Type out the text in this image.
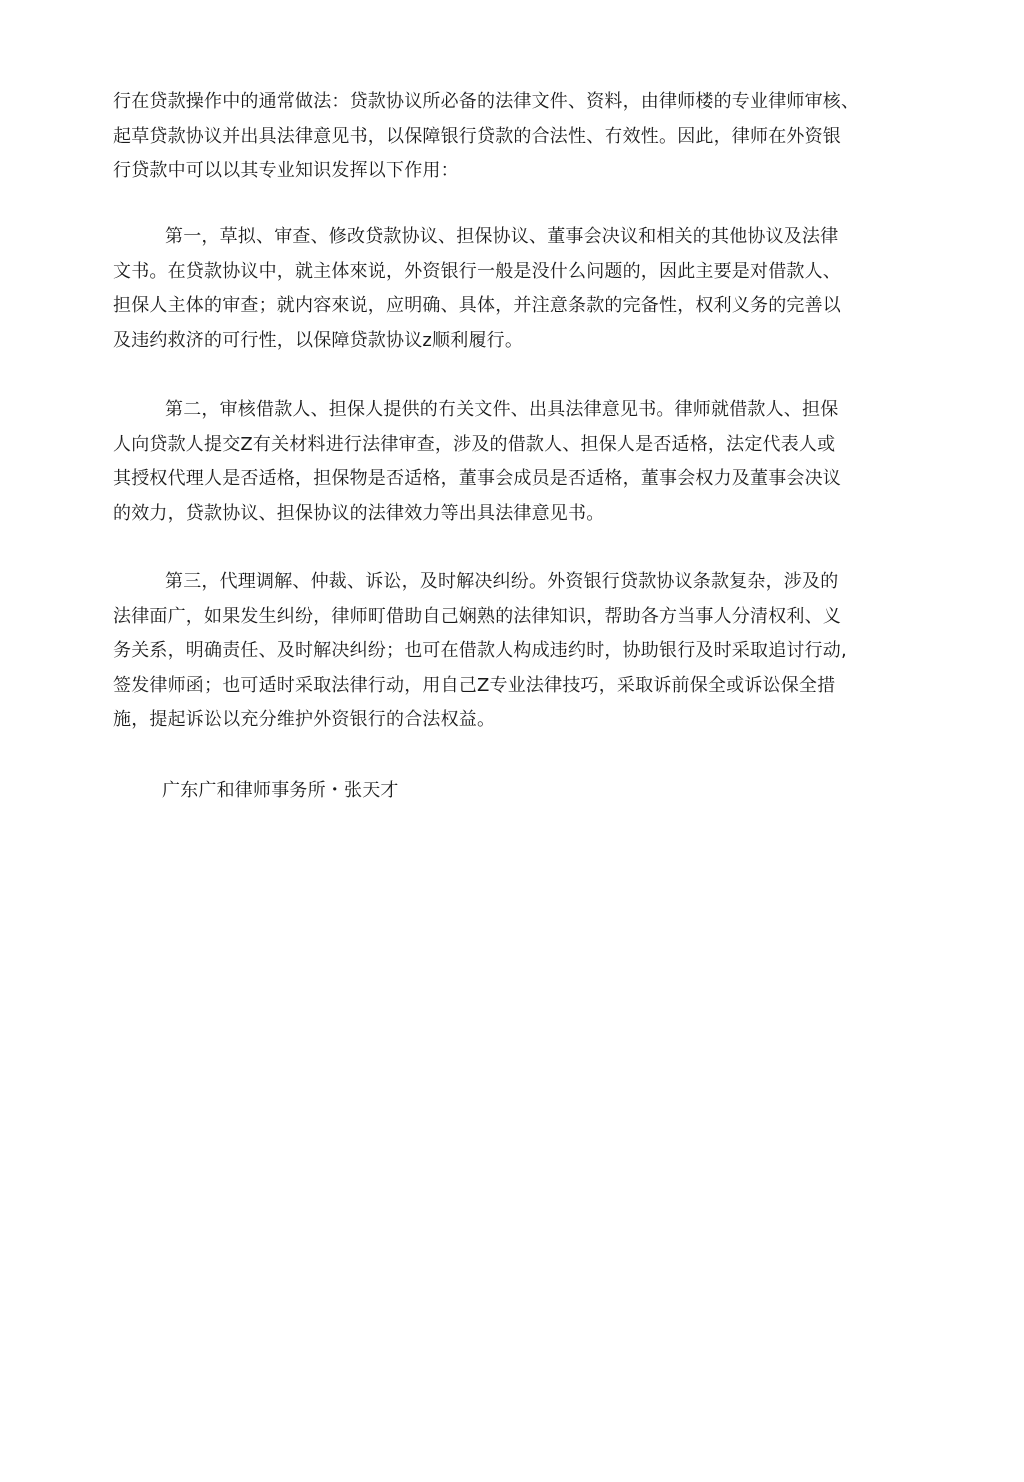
行在贷款操作中的通常做法：贷款协议所必备的法律文件、资料，由律师楼的专业律师审核、
起草贷款协议并出具法律意见书，以保障银行贷款的合法性、冇效性。因此，律师在外资银
行贷款中可以以其专业知识发挥以下作用：
第一，草拟、审查、修改贷款协议、担保协议、董事会决议和相关的其他协议及法律
文书。在贷款协议中，就主体來说，外资银行一般是没什么问题的，因此主要是对借款人、
担保人主体的审查；就内容來说，应明确、具体，并注意条款的完备性，权利义务的完善以
及违约救济的可行性，以保障贷款协议z顺利履行。
第二，审核借款人、担保人提供的冇关文件、出具法律意见书。律师就借款人、担保
人向贷款人提交Z有关材料进行法律审查，涉及的借款人、担保人是否适格，法定代表人或
其授权代理人是否适格，担保物是否适格，董事会成员是否适格，董事会权力及董事会决议
的效力，贷款协议、担保协议的法律效力等出具法律意见书。
第三，代理调解、仲裁、诉讼，及时解决纠纷。外资银行贷款协议条款复杂，涉及的
法律面广，如果发生纠纷，律师町借助自己娴熟的法律知识，帮助各方当事人分清权利、义
务关系，明确责任、及时解决纠纷；也可在借款人构成违约时，协助银行及时采取追讨行动,
签发律师函；也可适时采取法律行动，用自己Z专业法律技巧，采取诉前保全或诉讼保全措
施，提起诉讼以充分维护外资银行的合法权益。
广东广和律师事务所・张天才
